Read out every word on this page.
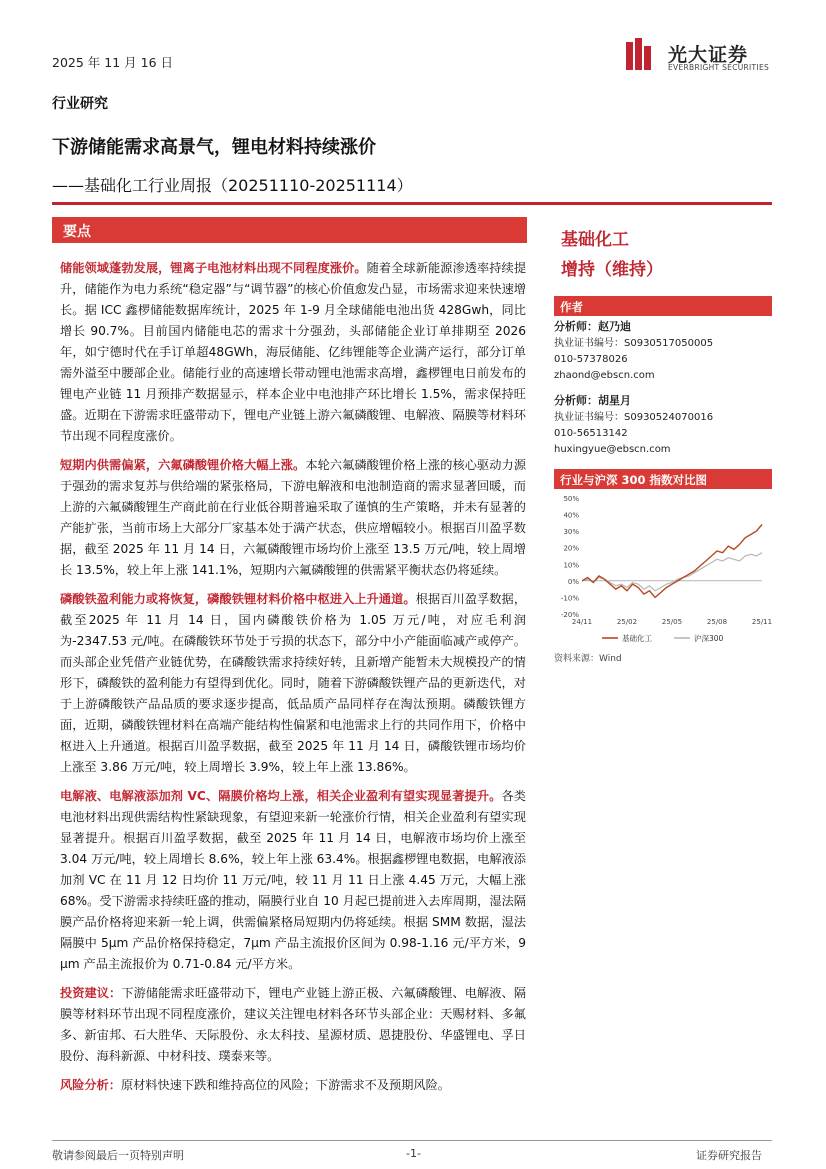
2025 年 11 月 16 日	光大证券
EVERBRIGHT SECURITIES
行业研究
下游储能需求高景气，锂电材料持续涨价
——基础化工行业周报（20251110-20251114）
要点

储能领域蓬勃发展，锂离子电池材料出现不同程度涨价。随着全球新能源渗透率持续提升，储能作为电力系统“稳定器”与“调节器”的核心价值愈发凸显，市场需求迎来快速增长。据 ICC 鑫椤储能数据库统计，2025 年 1-9 月全球储能电池出货 428Gwh，同比增长 90.7%。目前国内储能电芯的需求十分强劲，头部储能企业订单排期至 2026 年，如宁德时代在手订单超48GWh，海辰储能、亿纬锂能等企业满产运行，部分订单需外溢至中腰部企业。储能行业的高速增长带动锂电池需求高增，鑫椤锂电日前发布的锂电产业链 11 月预排产数据显示，样本企业中电池排产环比增长 1.5%，需求保持旺盛。近期在下游需求旺盛带动下，锂电产业链上游六氟磷酸锂、电解液、隔膜等材料环节出现不同程度涨价。

短期内供需偏紧，六氟磷酸锂价格大幅上涨。本轮六氟磷酸锂价格上涨的核心驱动力源于强劲的需求复苏与供给端的紧张格局，下游电解液和电池制造商的需求显著回暖，而上游的六氟磷酸锂生产商此前在行业低谷期普遍采取了谨慎的生产策略，并未有显著的产能扩张，当前市场上大部分厂家基本处于满产状态，供应增幅较小。根据百川盈孚数据，截至 2025 年 11 月 14 日，六氟磷酸锂市场均价上涨至 13.5 万元/吨，较上周增长 13.5%，较上年上涨 141.1%，短期内六氟磷酸锂的供需紧平衡状态仍将延续。

磷酸铁盈利能力或将恢复，磷酸铁锂材料价格中枢进入上升通道。根据百川盈孚数据，截至2025 年 11 月 14 日，国内磷酸铁价格为 1.05 万元/吨，对应毛利润为-2347.53 元/吨。在磷酸铁环节处于亏损的状态下，部分中小产能面临减产或停产。而头部企业凭借产业链优势，在磷酸铁需求持续好转，且新增产能暂未大规模投产的情形下，磷酸铁的盈利能力有望得到优化。同时，随着下游磷酸铁锂产品的更新迭代，对于上游磷酸铁产品品质的要求逐步提高，低品质产品同样存在淘汰预期。磷酸铁锂方面，近期，磷酸铁锂材料在高端产能结构性偏紧和电池需求上行的共同作用下，价格中枢进入上升通道。根据百川盈孚数据，截至 2025 年 11 月 14 日，磷酸铁锂市场均价上涨至 3.86 万元/吨，较上周增长 3.9%，较上年上涨 13.86%。

电解液、电解液添加剂 VC、隔膜价格均上涨，相关企业盈利有望实现显著提升。各类电池材料出现供需结构性紧缺现象，有望迎来新一轮涨价行情，相关企业盈利有望实现显著提升。根据百川盈孚数据，截至 2025 年 11 月 14 日，电解液市场均价上涨至 3.04 万元/吨，较上周增长 8.6%，较上年上涨 63.4%。根据鑫椤锂电数据，电解液添加剂 VC 在 11 月 12 日均价 11 万元/吨，较 11 月 11 日上涨 4.45 万元，大幅上涨 68%。受下游需求持续旺盛的推动，隔膜行业自 10 月起已提前进入去库周期，湿法隔膜产品价格将迎来新一轮上调，供需偏紧格局短期内仍将延续。根据 SMM 数据，湿法隔膜中 5μm 产品价格保持稳定，7μm 产品主流报价区间为 0.98-1.16 元/平方米，9 μm 产品主流报价为 0.71-0.84 元/平方米。

投资建议：下游储能需求旺盛带动下，锂电产业链上游正极、六氟磷酸锂、电解液、隔膜等材料环节出现不同程度涨价，建议关注锂电材料各环节头部企业：天赐材料、多氟多、新宙邦、石大胜华、天际股份、永太科技、星源材质、恩捷股份、华盛锂电、孚日股份、海科新源、中材科技、璞泰来等。

风险分析：原材料快速下跌和维持高位的风险；下游需求不及预期风险。

基础化工
增持（维持）
作者
分析师：赵乃迪
执业证书编号：S0930517050005
010-57378026
zhaond@ebscn.com
分析师：胡星月
执业证书编号：S0930524070016
010-56513142
huxingyue@ebscn.com
行业与沪深 300 指数对比图
-20%
-10%
0%
10%
20%
30%
40%
50%
24/11	25/02	25/05	25/08	25/11
基础化工	沪深300
资料来源：Wind
敬请参阅最后一页特别声明	-1-	证券研究报告
